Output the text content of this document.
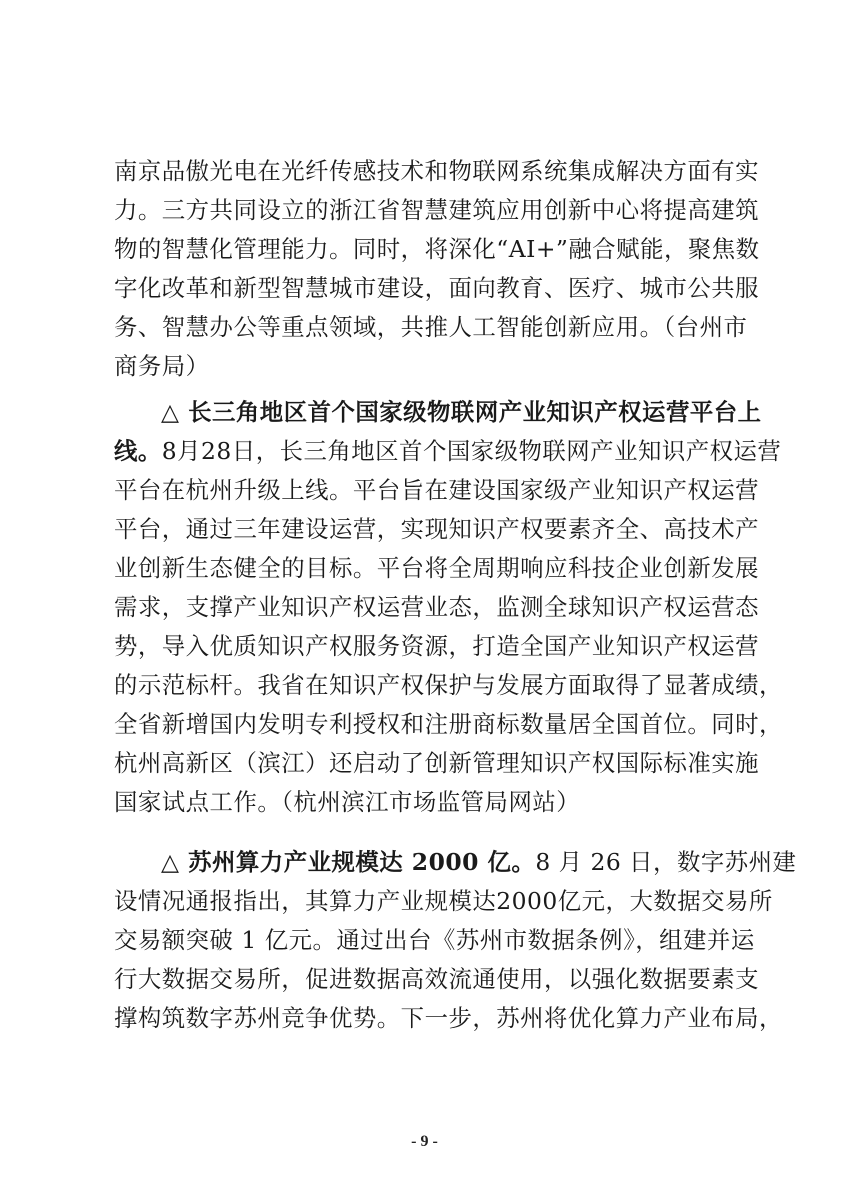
南京品傲光电在光纤传感技术和物联网系统集成解决方面有实
力。三方共同设立的浙江省智慧建筑应用创新中心将提高建筑
物的智慧化管理能力。同时，将深化“AI+”融合赋能，聚焦数
字化改革和新型智慧城市建设，面向教育、医疗、城市公共服
务、智慧办公等重点领域，共推人工智能创新应用。（台州市
商务局）
△ 长三角地区首个国家级物联网产业知识产权运营平台上
线。8月28日，长三角地区首个国家级物联网产业知识产权运营
平台在杭州升级上线。平台旨在建设国家级产业知识产权运营
平台，通过三年建设运营，实现知识产权要素齐全、高技术产
业创新生态健全的目标。平台将全周期响应科技企业创新发展
需求，支撑产业知识产权运营业态，监测全球知识产权运营态
势，导入优质知识产权服务资源，打造全国产业知识产权运营
的示范标杆。我省在知识产权保护与发展方面取得了显著成绩，
全省新增国内发明专利授权和注册商标数量居全国首位。同时，
杭州高新区（滨江）还启动了创新管理知识产权国际标准实施
国家试点工作。（杭州滨江市场监管局网站）
△ 苏州算力产业规模达 2000 亿。8 月 26 日，数字苏州建
设情况通报指出，其算力产业规模达2000亿元，大数据交易所
交易额突破 1 亿元。通过出台《苏州市数据条例》，组建并运
行大数据交易所，促进数据高效流通使用，以强化数据要素支
撑构筑数字苏州竞争优势。下一步，苏州将优化算力产业布局，
- 9 -
